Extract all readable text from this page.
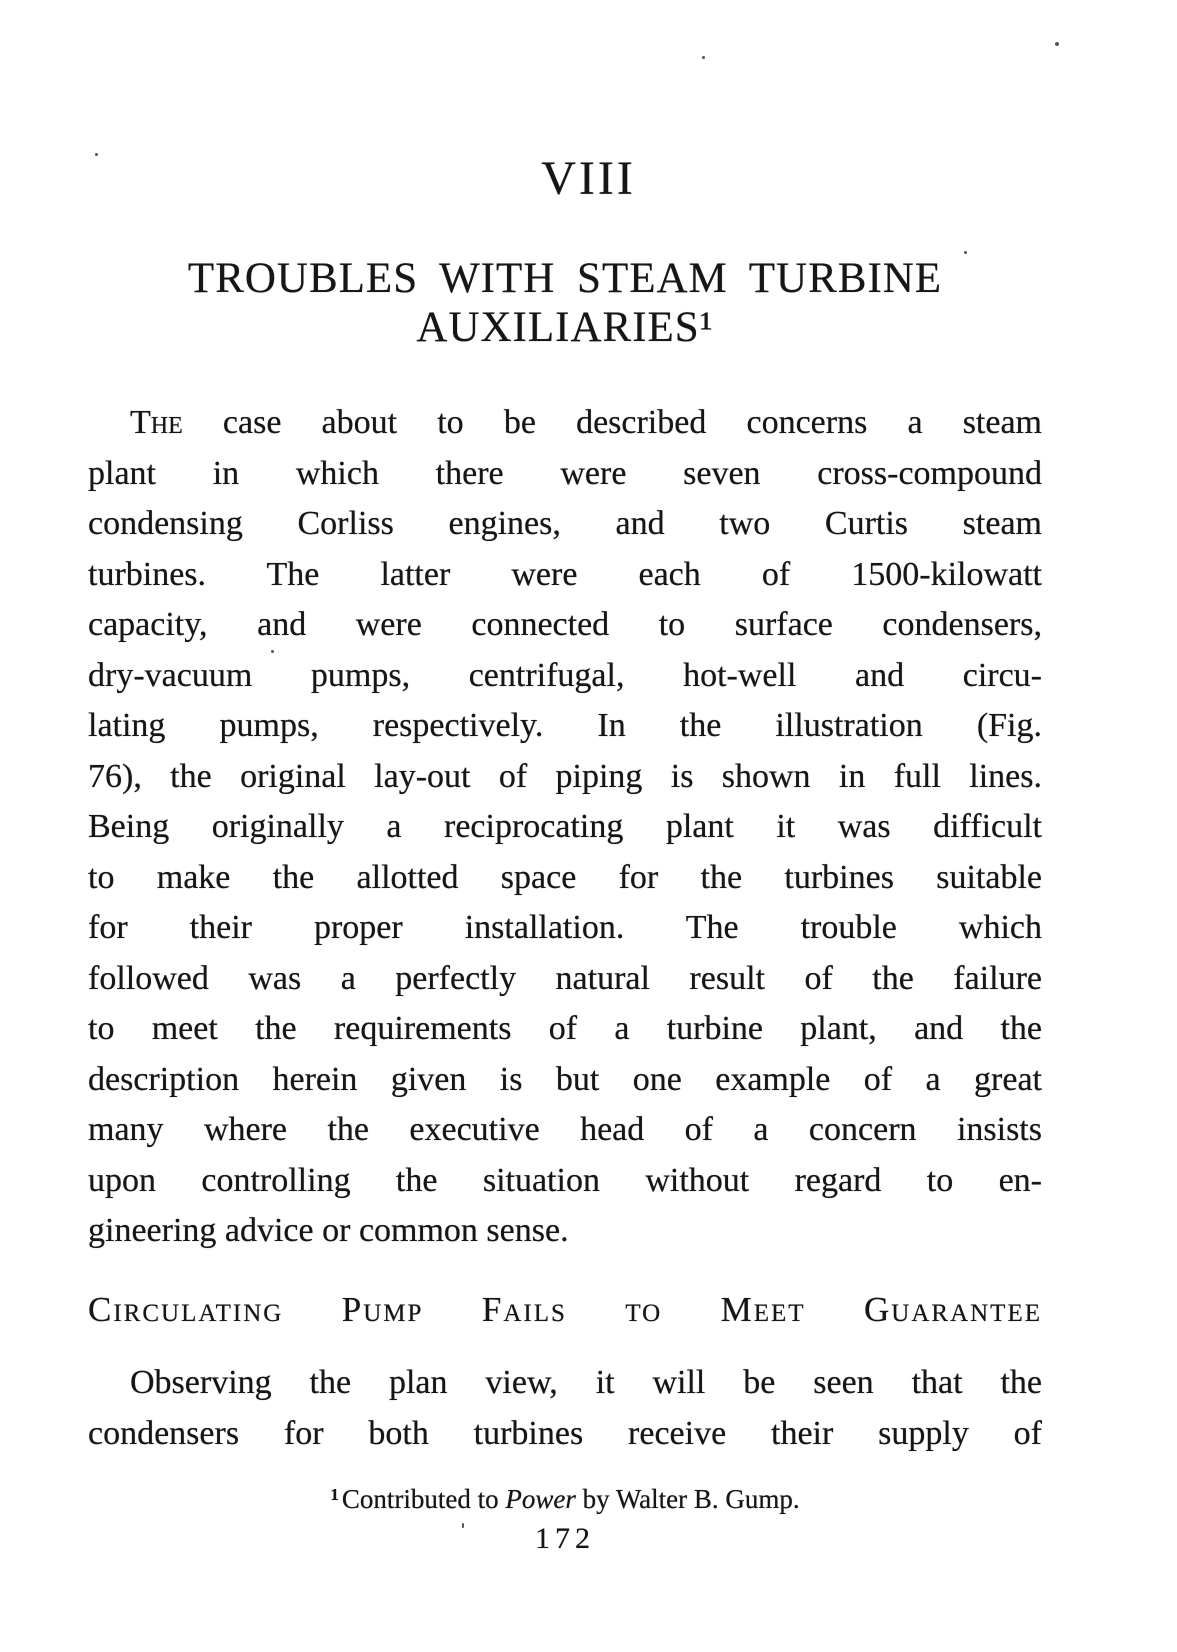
VIII
TROUBLES WITH STEAM TURBINE
AUXILIARIES¹
The case about to be described concerns a steam
plant in which there were seven cross-compound
condensing Corliss engines, and two Curtis steam
turbines. The latter were each of 1500-kilowatt
capacity, and were connected to surface condensers,
dry-vacuum pumps, centrifugal, hot-well and circu-
lating pumps, respectively. In the illustration (Fig.
76), the original lay-out of piping is shown in full lines.
Being originally a reciprocating plant it was difficult
to make the allotted space for the turbines suitable
for their proper installation. The trouble which
followed was a perfectly natural result of the failure
to meet the requirements of a turbine plant, and the
description herein given is but one example of a great
many where the executive head of a concern insists
upon controlling the situation without regard to en-
gineering advice or common sense.
Circulating Pump Fails to Meet Guarantee
Observing the plan view, it will be seen that the
condensers for both turbines receive their supply of
$^1$ Contributed to Power by Walter B. Gump.
172
